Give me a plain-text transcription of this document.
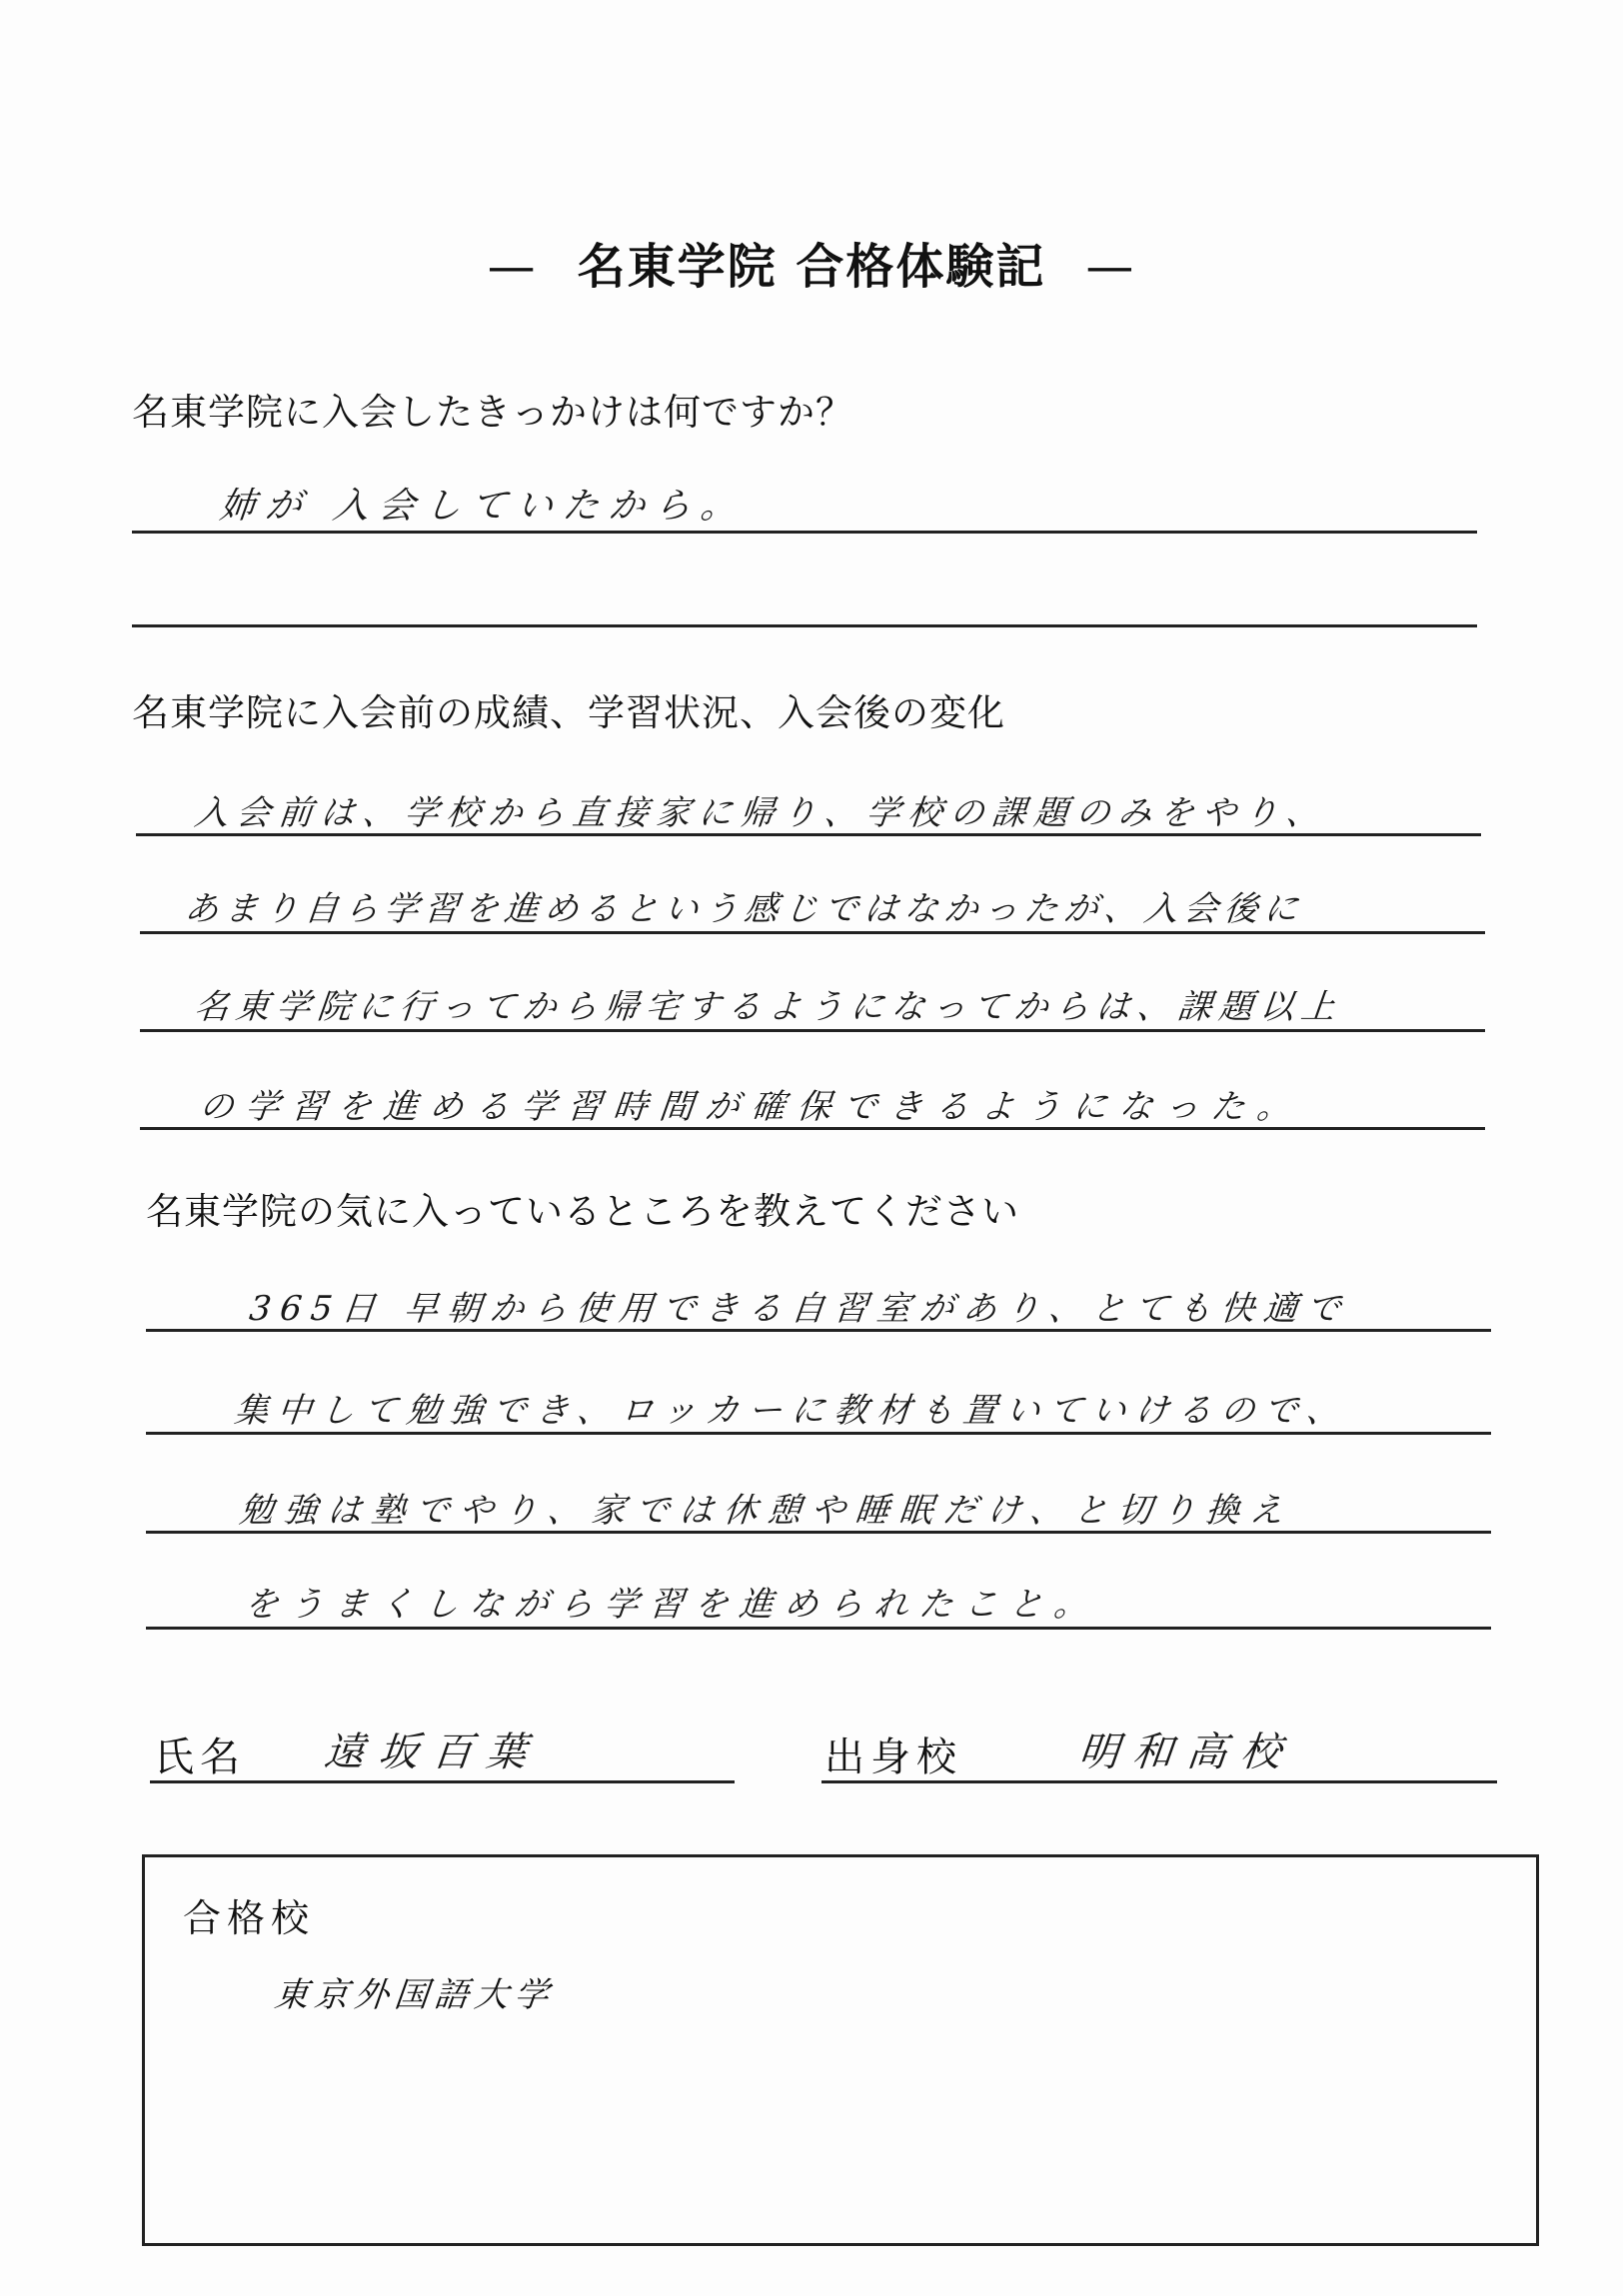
— 名東学院 合格体験記 —
名東学院に入会したきっかけは何ですか？
姉が 入会していたから。
名東学院に入会前の成績、学習状況、入会後の変化
入会前は、学校から直接家に帰り、学校の課題のみをやり、
あまり自ら学習を進めるという感じではなかったが、入会後に
名東学院に行ってから帰宅するようになってからは、課題以上
の学習を進める学習時間が確保できるようになった。
名東学院の気に入っているところを教えてください
365日 早朝から使用できる自習室があり、とても快適で
集中して勉強でき、ロッカーに教材も置いていけるので、
勉強は塾でやり、家では休憩や睡眠だけ、と切り換え
をうまくしながら学習を進められたこと。
氏名 遠坂百葉	出身校	明和高校
合格校
東京外国語大学
